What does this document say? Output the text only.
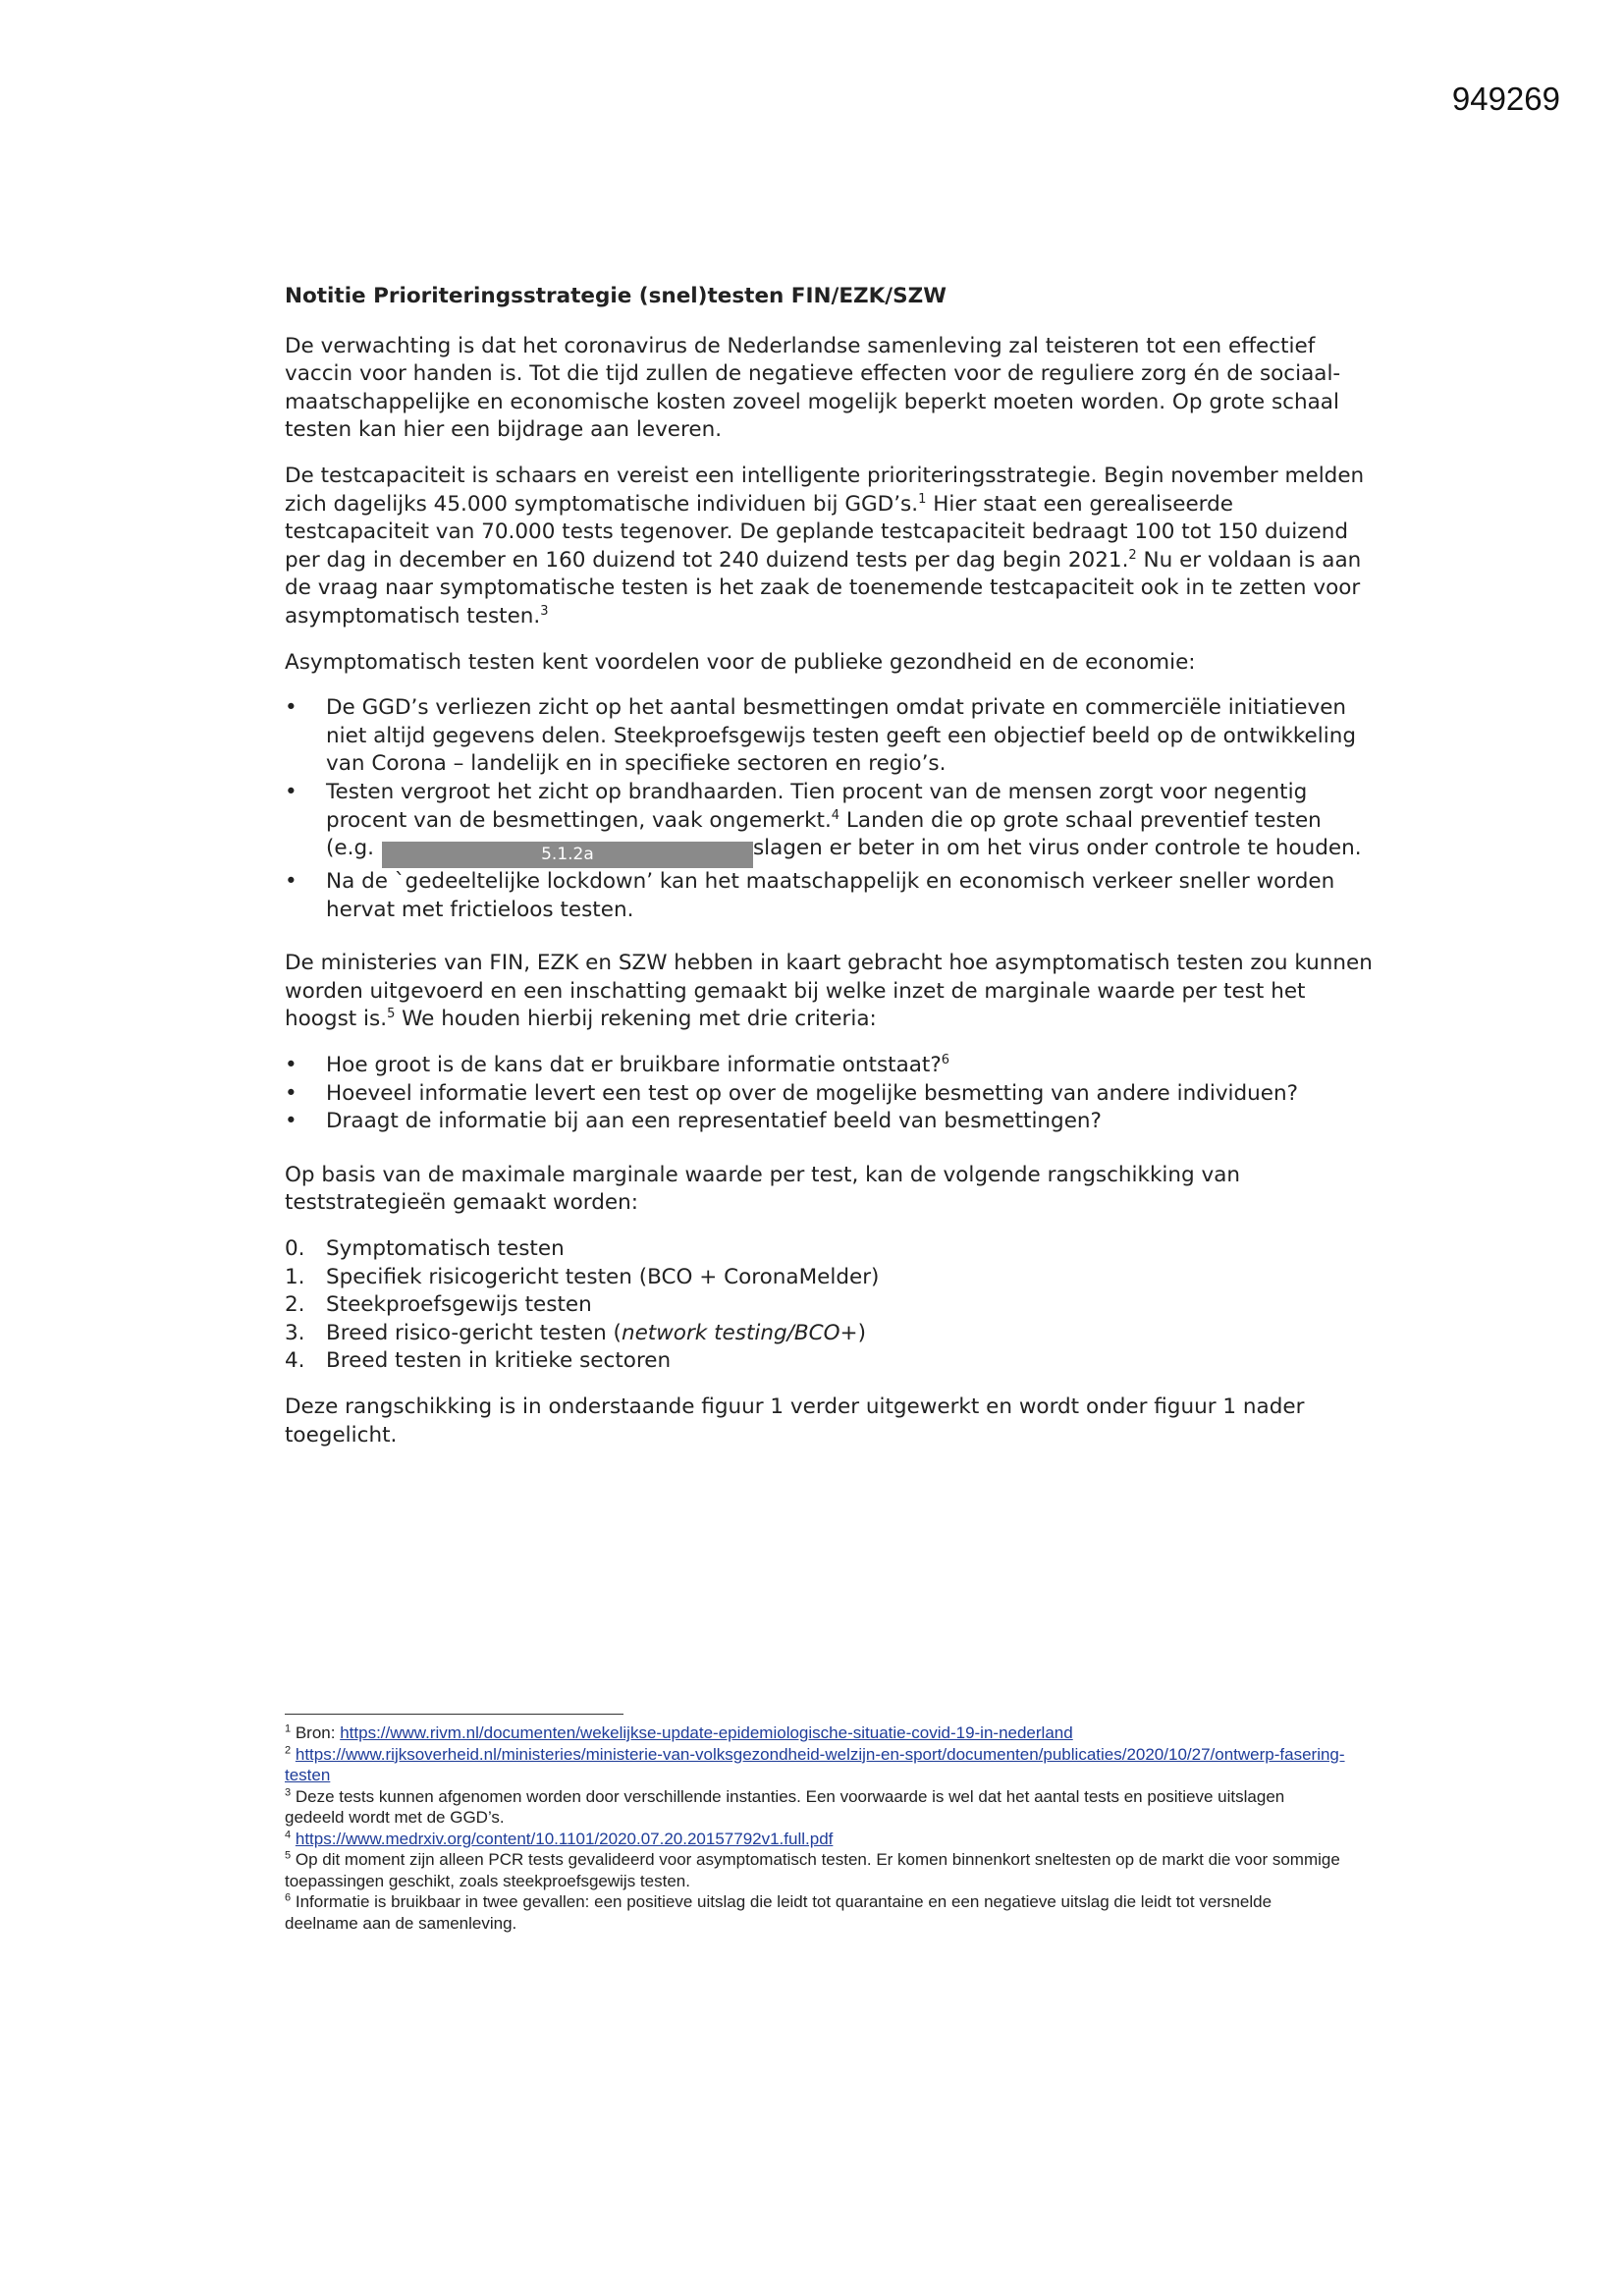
949269
Notitie Prioriteringsstrategie (snel)testen FIN/EZK/SZW

De verwachting is dat het coronavirus de Nederlandse samenleving zal teisteren tot een effectief vaccin voor handen is. Tot die tijd zullen de negatieve effecten voor de reguliere zorg én de sociaal-maatschappelijke en economische kosten zoveel mogelijk beperkt moeten worden. Op grote schaal testen kan hier een bijdrage aan leveren.

De testcapaciteit is schaars en vereist een intelligente prioriteringsstrategie. Begin november melden zich dagelijks 45.000 symptomatische individuen bij GGD’s.$^1$ Hier staat een gerealiseerde testcapaciteit van 70.000 tests tegenover. De geplande testcapaciteit bedraagt 100 tot 150 duizend per dag in december en 160 duizend tot 240 duizend tests per dag begin 2021.$^2$ Nu er voldaan is aan de vraag naar symptomatische testen is het zaak de toenemende testcapaciteit ook in te zetten voor asymptomatisch testen.$^3$

Asymptomatisch testen kent voordelen voor de publieke gezondheid en de economie:

• De GGD’s verliezen zicht op het aantal besmettingen omdat private en commerciële initiatieven niet altijd gegevens delen. Steekproefsgewijs testen geeft een objectief beeld op de ontwikkeling van Corona – landelijk en in specifieke sectoren en regio’s.
• Testen vergroot het zicht op brandhaarden. Tien procent van de mensen zorgt voor negentig procent van de besmettingen, vaak ongemerkt.$^4$ Landen die op grote schaal preventief testen (e.g.	5.1.2a	slagen er beter in om het virus onder controle te houden.
• Na de `gedeeltelijke lockdown’ kan het maatschappelijk en economisch verkeer sneller worden hervat met frictieloos testen.

De ministeries van FIN, EZK en SZW hebben in kaart gebracht hoe asymptomatisch testen zou kunnen worden uitgevoerd en een inschatting gemaakt bij welke inzet de marginale waarde per test het hoogst is.$^5$ We houden hierbij rekening met drie criteria:

• Hoe groot is de kans dat er bruikbare informatie ontstaat?$^6$
• Hoeveel informatie levert een test op over de mogelijke besmetting van andere individuen?
• Draagt de informatie bij aan een representatief beeld van besmettingen?

Op basis van de maximale marginale waarde per test, kan de volgende rangschikking van teststrategieën gemaakt worden:

0. Symptomatisch testen
1. Specifiek risicogericht testen (BCO + CoronaMelder)
2. Steekproefsgewijs testen
3. Breed risico-gericht testen (network testing/BCO+)
4. Breed testen in kritieke sectoren

Deze rangschikking is in onderstaande figuur 1 verder uitgewerkt en wordt onder figuur 1 nader toegelicht.

$^1$ Bron: https://www.rivm.nl/documenten/wekelijkse-update-epidemiologische-situatie-covid-19-in-nederland

$^2$ https://www.rijksoverheid.nl/ministeries/ministerie-van-volksgezondheid-welzijn-en-sport/documenten/publicaties/2020/10/27/ontwerp-fasering-testen

$^3$ Deze tests kunnen afgenomen worden door verschillende instanties. Een voorwaarde is wel dat het aantal tests en positieve uitslagen gedeeld wordt met de GGD’s.

$^4$ https://www.medrxiv.org/content/10.1101/2020.07.20.20157792v1.full.pdf

$^5$ Op dit moment zijn alleen PCR tests gevalideerd voor asymptomatisch testen. Er komen binnenkort sneltesten op de markt die voor sommige toepassingen geschikt, zoals steekproefsgewijs testen.

$^6$ Informatie is bruikbaar in twee gevallen: een positieve uitslag die leidt tot quarantaine en een negatieve uitslag die leidt tot versnelde deelname aan de samenleving.
